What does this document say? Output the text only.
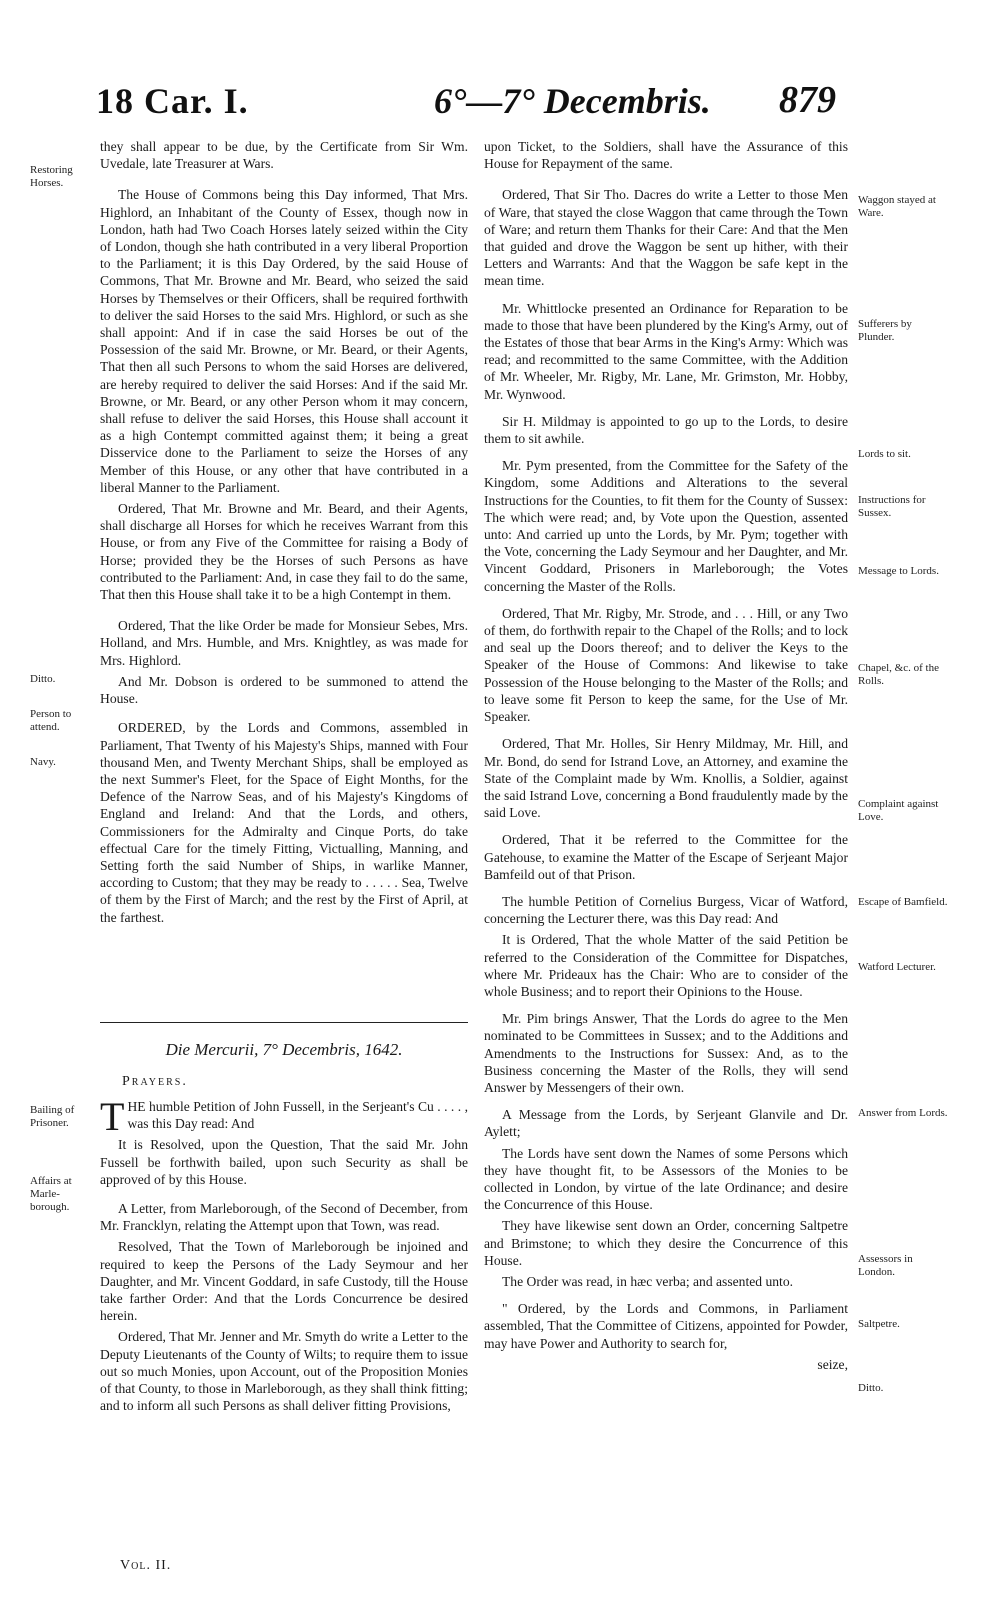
18 Car. I.	6°—7° Decembris. 879
Restoring Horses.
Ditto.
Person to attend.
Navy.
Bailing of Prisoner.
Affairs at Marle-borough.
Waggon stayed at Ware.
Sufferers by Plunder.
Lords to sit.
Instructions for Sussex.
Message to Lords.
Chapel, &c. of the Rolls.
Complaint against Love.
Escape of Bamfield.
Watford Lecturer.
Answer from Lords.
Assessors in London.
Saltpetre.
Ditto.

they shall appear to be due, by the Certificate from Sir Wm. Uvedale, late Treasurer at Wars.

The House of Commons being this Day informed, That Mrs. Highlord, an Inhabitant of the County of Essex, though now in London, hath had Two Coach Horses lately seized within the City of London, though she hath contributed in a very liberal Proportion to the Parliament; it is this Day Ordered, by the said House of Commons, That Mr. Browne and Mr. Beard, who seized the said Horses by Themselves or their Officers, shall be required forthwith to deliver the said Horses to the said Mrs. Highlord, or such as she shall appoint: And if in case the said Horses be out of the Possession of the said Mr. Browne, or Mr. Beard, or their Agents, That then all such Persons to whom the said Horses are delivered, are hereby required to deliver the said Horses: And if the said Mr. Browne, or Mr. Beard, or any other Person whom it may concern, shall refuse to deliver the said Horses, this House shall account it as a high Contempt committed against them; it being a great Disservice done to the Parliament to seize the Horses of any Member of this House, or any other that have contributed in a liberal Manner to the Parliament.

Ordered, That Mr. Browne and Mr. Beard, and their Agents, shall discharge all Horses for which he receives Warrant from this House, or from any Five of the Committee for raising a Body of Horse; provided they be the Horses of such Persons as have contributed to the Parliament: And, in case they fail to do the same, That then this House shall take it to be a high Contempt in them.

Ordered, That the like Order be made for Monsieur Sebes, Mrs. Holland, and Mrs. Humble, and Mrs. Knightley, as was made for Mrs. Highlord.

And Mr. Dobson is ordered to be summoned to attend the House.

ORDERED, by the Lords and Commons, assembled in Parliament, That Twenty of his Majesty's Ships, manned with Four thousand Men, and Twenty Merchant Ships, shall be employed as the next Summer's Fleet, for the Space of Eight Months, for the Defence of the Narrow Seas, and of his Majesty's Kingdoms of England and Ireland: And that the Lords, and others, Commissioners for the Admiralty and Cinque Ports, do take effectual Care for the timely Fitting, Victualling, Manning, and Setting forth the said Number of Ships, in warlike Manner, according to Custom; that they may be ready to . . . . . Sea, Twelve of them by the First of March; and the rest by the First of April, at the farthest.

Die Mercurii, 7° Decembris, 1642.
Prayers.

THE humble Petition of John Fussell, in the Serjeant's Cu . . . . , was this Day read: And

It is Resolved, upon the Question, That the said Mr. John Fussell be forthwith bailed, upon such Security as shall be approved of by this House.

A Letter, from Marleborough, of the Second of December, from Mr. Francklyn, relating the Attempt upon that Town, was read.

Resolved, That the Town of Marleborough be injoined and required to keep the Persons of the Lady Seymour and her Daughter, and Mr. Vincent Goddard, in safe Custody, till the House take farther Order: And that the Lords Concurrence be desired herein.

Ordered, That Mr. Jenner and Mr. Smyth do write a Letter to the Deputy Lieutenants of the County of Wilts; to require them to issue out so much Monies, upon Account, out of the Proposition Monies of that County, to those in Marleborough, as they shall think fitting; and to inform all such Persons as shall deliver fitting Provisions,

upon Ticket, to the Soldiers, shall have the Assurance of this House for Repayment of the same.

Ordered, That Sir Tho. Dacres do write a Letter to those Men of Ware, that stayed the close Waggon that came through the Town of Ware; and return them Thanks for their Care: And that the Men that guided and drove the Waggon be sent up hither, with their Letters and Warrants: And that the Waggon be safe kept in the mean time.

Mr. Whittlocke presented an Ordinance for Reparation to be made to those that have been plundered by the King's Army, out of the Estates of those that bear Arms in the King's Army: Which was read; and recommitted to the same Committee, with the Addition of Mr. Wheeler, Mr. Rigby, Mr. Lane, Mr. Grimston, Mr. Hobby, Mr. Wynwood.

Sir H. Mildmay is appointed to go up to the Lords, to desire them to sit awhile.

Mr. Pym presented, from the Committee for the Safety of the Kingdom, some Additions and Alterations to the several Instructions for the Counties, to fit them for the County of Sussex: The which were read; and, by Vote upon the Question, assented unto: And carried up unto the Lords, by Mr. Pym; together with the Vote, concerning the Lady Seymour and her Daughter, and Mr. Vincent Goddard, Prisoners in Marleborough; the Votes concerning the Master of the Rolls.

Ordered, That Mr. Rigby, Mr. Strode, and . . . Hill, or any Two of them, do forthwith repair to the Chapel of the Rolls; and to lock and seal up the Doors thereof; and to deliver the Keys to the Speaker of the House of Commons: And likewise to take Possession of the House belonging to the Master of the Rolls; and to leave some fit Person to keep the same, for the Use of Mr. Speaker.

Ordered, That Mr. Holles, Sir Henry Mildmay, Mr. Hill, and Mr. Bond, do send for Istrand Love, an Attorney, and examine the State of the Complaint made by Wm. Knollis, a Soldier, against the said Istrand Love, concerning a Bond fraudulently made by the said Love.

Ordered, That it be referred to the Committee for the Gatehouse, to examine the Matter of the Escape of Serjeant Major Bamfeild out of that Prison.

The humble Petition of Cornelius Burgess, Vicar of Watford, concerning the Lecturer there, was this Day read: And

It is Ordered, That the whole Matter of the said Petition be referred to the Consideration of the Committee for Dispatches, where Mr. Prideaux has the Chair: Who are to consider of the whole Business; and to report their Opinions to the House.

Mr. Pim brings Answer, That the Lords do agree to the Men nominated to be Committees in Sussex; and to the Additions and Amendments to the Instructions for Sussex: And, as to the Business concerning the Master of the Rolls, they will send Answer by Messengers of their own.

A Message from the Lords, by Serjeant Glanvile and Dr. Aylett;

The Lords have sent down the Names of some Persons which they have thought fit, to be Assessors of the Monies to be collected in London, by virtue of the late Ordinance; and desire the Concurrence of this House.

They have likewise sent down an Order, concerning Saltpetre and Brimstone; to which they desire the Concurrence of this House.

The Order was read, in hæc verba; and assented unto.

" Ordered, by the Lords and Commons, in Parliament assembled, That the Committee of Citizens, appointed for Powder, may have Power and Authority to search for,

seize,

Vol. II.
